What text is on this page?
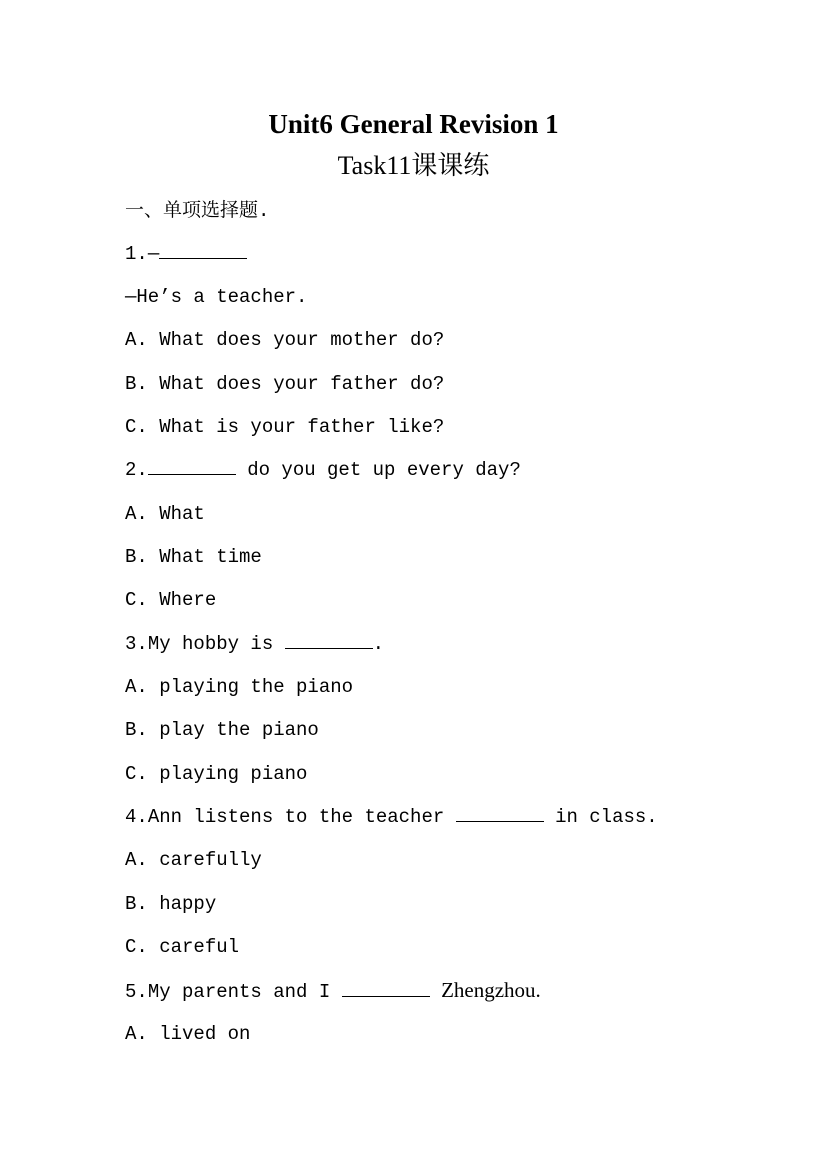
Unit6 General Revision 1
Task11课课练
一、单项选择题.
1.—
—He’s a teacher.
A. What does your mother do?
B. What does your father do?
C. What is your father like?
2.	do you get up every day?
A. What
B. What time
C. Where
3.My hobby is	.
A. playing the piano
B. play the piano
C. playing piano
4.Ann listens to the teacher	in class.
A. carefully
B. happy
C. careful
5.My parents and I	Zhengzhou.
A. lived on
